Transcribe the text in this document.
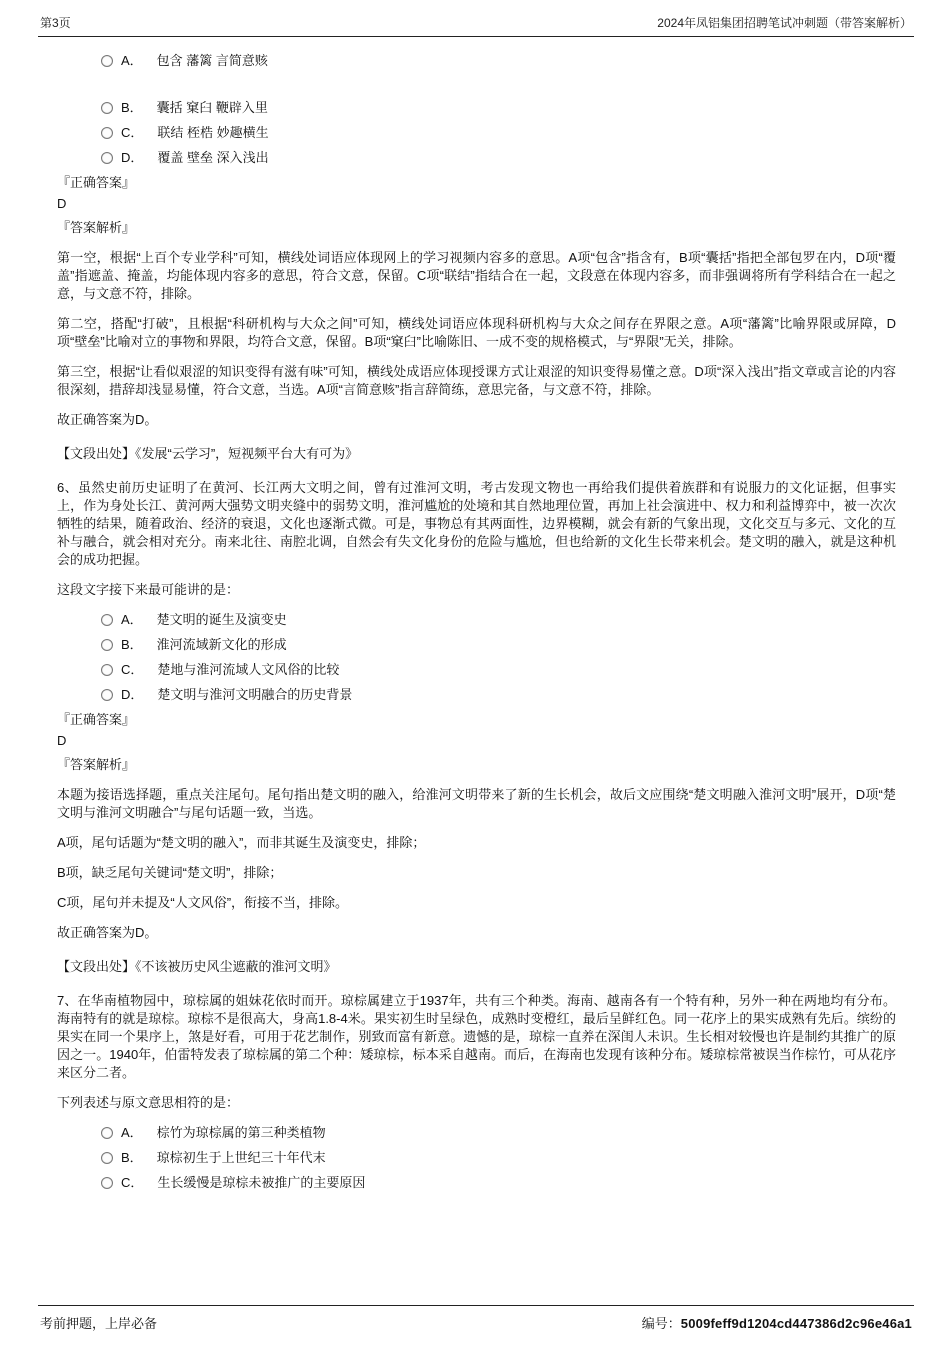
第3页	2024年凤铝集团招聘笔试冲刺题（带答案解析）
A． 包含 藩篱 言简意赅
B． 囊括 窠臼 鞭辟入里
C． 联结 桎梏 妙趣横生
D． 覆盖 壁垒 深入浅出
『正确答案』
D
『答案解析』

第一空，根据“上百个专业学科”可知，横线处词语应体现网上的学习视频内容多的意思。A项“包含”指含有，B项“囊括”指把全部包罗在内，D项“覆盖”指遮盖、掩盖，均能体现内容多的意思，符合文意，保留。C项“联结”指结合在一起，文段意在体现内容多，而非强调将所有学科结合在一起之意，与文意不符，排除。

第二空，搭配“打破”，且根据“科研机构与大众之间”可知，横线处词语应体现科研机构与大众之间存在界限之意。A项“藩篱”比喻界限或屏障，D项“壁垒”比喻对立的事物和界限，均符合文意，保留。B项“窠臼”比喻陈旧、一成不变的规格模式，与“界限”无关，排除。

第三空，根据“让看似艰涩的知识变得有滋有味”可知，横线处成语应体现授课方式让艰涩的知识变得易懂之意。D项“深入浅出”指文章或言论的内容很深刻，措辞却浅显易懂，符合文意，当选。A项“言简意赅”指言辞简练，意思完备，与文意不符，排除。

故正确答案为D。

【文段出处】《发展“云学习”，短视频平台大有可为》

6、虽然史前历史证明了在黄河、长江两大文明之间，曾有过淮河文明，考古发现文物也一再给我们提供着族群和有说服力的文化证据，但事实上，作为身处长江、黄河两大强势文明夹缝中的弱势文明，淮河尴尬的处境和其自然地理位置，再加上社会演进中、权力和利益博弈中，被一次次牺牲的结果，随着政治、经济的衰退，文化也逐渐式微。可是，事物总有其两面性，边界模糊，就会有新的气象出现，文化交互与多元、文化的互补与融合，就会相对充分。南来北往、南腔北调，自然会有失文化身份的危险与尴尬，但也给新的文化生长带来机会。楚文明的融入，就是这种机会的成功把握。

这段文字接下来最可能讲的是：

A． 楚文明的诞生及演变史
B． 淮河流域新文化的形成
C． 楚地与淮河流域人文风俗的比较
D． 楚文明与淮河文明融合的历史背景
『正确答案』
D
『答案解析』

本题为接语选择题，重点关注尾句。尾句指出楚文明的融入，给淮河文明带来了新的生长机会，故后文应围绕“楚文明融入淮河文明”展开，D项“楚文明与淮河文明融合”与尾句话题一致，当选。

A项，尾句话题为“楚文明的融入”，而非其诞生及演变史，排除；

B项，缺乏尾句关键词“楚文明”，排除；

C项，尾句并未提及“人文风俗”，衔接不当，排除。

故正确答案为D。

【文段出处】《不该被历史风尘遮蔽的淮河文明》

7、在华南植物园中，琼棕属的姐妹花依时而开。琼棕属建立于1937年，共有三个种类。海南、越南各有一个特有种，另外一种在两地均有分布。海南特有的就是琼棕。琼棕不是很高大，身高1.8-4米。果实初生时呈绿色，成熟时变橙红，最后呈鲜红色。同一花序上的果实成熟有先后。缤纷的果实在同一个果序上，煞是好看，可用于花艺制作，别致而富有新意。遗憾的是，琼棕一直养在深闺人未识。生长相对较慢也许是制约其推广的原因之一。1940年，伯雷特发表了琼棕属的第二个种：矮琼棕，标本采自越南。而后，在海南也发现有该种分布。矮琼棕常被误当作棕竹，可从花序来区分二者。

下列表述与原文意思相符的是：

A． 棕竹为琼棕属的第三种类植物
B． 琼棕初生于上世纪三十年代末
C． 生长缓慢是琼棕未被推广的主要原因
考前押题，上岸必备	编号：5009feff9d1204cd447386d2c96e46a1
